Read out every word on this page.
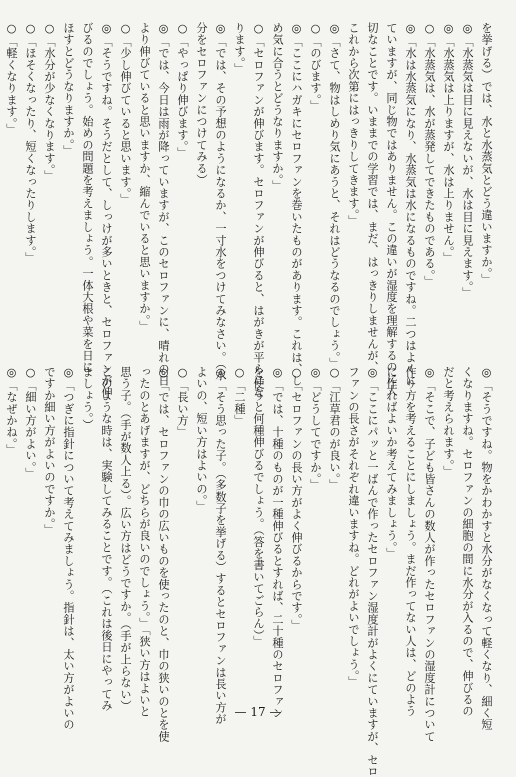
を挙げる）では、水と水蒸気とどう違いますか。」
◎「水蒸気は目に見えないが、水は目に見えます。」
◎「水蒸気は上りますが、水は上りません。」
○「水蒸気は、水が蒸発してできたものである。」
◎「水は水蒸気になり、水蒸気は水になるものですね。二つはよくに
ていますが、同じ物ではありません。この違いが湿度を理解するのに大
切なことです。いままでの学習では、まだ、はっきりしませんが、
これから次第にはっきりしてきます。」
◎「さて、物はしめり気にあうと、それはどうなるのでしょう。」
○「のびます。」
◎「ここにハガキにセロファンを巻いたものがあります。これは、し
め気に合うとどうなりますか。」
○「セロファンが伸びます。セロファンが伸びると、はがきが平らにな
ります。」
◎「では、その予想のようになるか、一寸水をつけてみなさい。（水
分をセロファンにつけてみる）
○「やっぱり伸びます。」
◎「では、今日は雨が降っていますが、このセロファンに、晴れの日
より伸びていると思いますか、縮んでいると思いますか。」
○「少し伸びていると思います。」
◎「そうですね。そうだとして、しっけが多いときと、セロファンが伸
びるのでしょう。始めの問題を考えましょう。一体大根や菜を日に
ほすとどうなりますか。」
○「水分が少なくなります。」
○「ほそくなったり、短くなったりします。」
○「軽くなります。」
◎「そうですね。物をかわかすと水分がなくなって軽くなり、細く短
くなりますね。セロファンの細胞の間に水分が入るので、伸びるの
だと考えられます。」
◎「そこで、子ども皆さんの数人が作ったセロファンの湿度計について
作り方を考えることにしましょう。まだ作ってない人は、どのよう
に作ればよいか考えてみましょう。」
◎「ここにパッと一ばんで作ったセロファン湿度計がよくにていますが、セロ
ファンの長さがそれぞれ違いますね。どれがよいでしょう。」
○「江草君のが良い。」
◎「どうしてですか。」
○「セロファンの長い方がよく伸びるからです。」
◎「では、十種のものが一種伸びるとすれば、二十種のセロファン
を使うと何種伸びるでしょう。（答を書いてごらん）」
○「二種」
◎「そう思った子。（多数子を挙げる）するとセロファンは長い方が
よいの、短い方はよいの。」
○「長い方」
◎「では、セロファンの巾の広いものを使ったのと、巾の狭いのとを使
ったのとあげますが、どちらが良いのでしょう。」「狭い方はよいと
思う子。（手が数人上る）。広い方はどうですか。（手が上らない）
このような時は、実験してみることです。（これは後日にやってみ
ましょう。）
◎「つぎに指針について考えてみましょう。指針は、太い方がよいの
ですか細い方がよいのですか。」
○「細い方がよい。」
◎「なぜかね。」
— 17 —
